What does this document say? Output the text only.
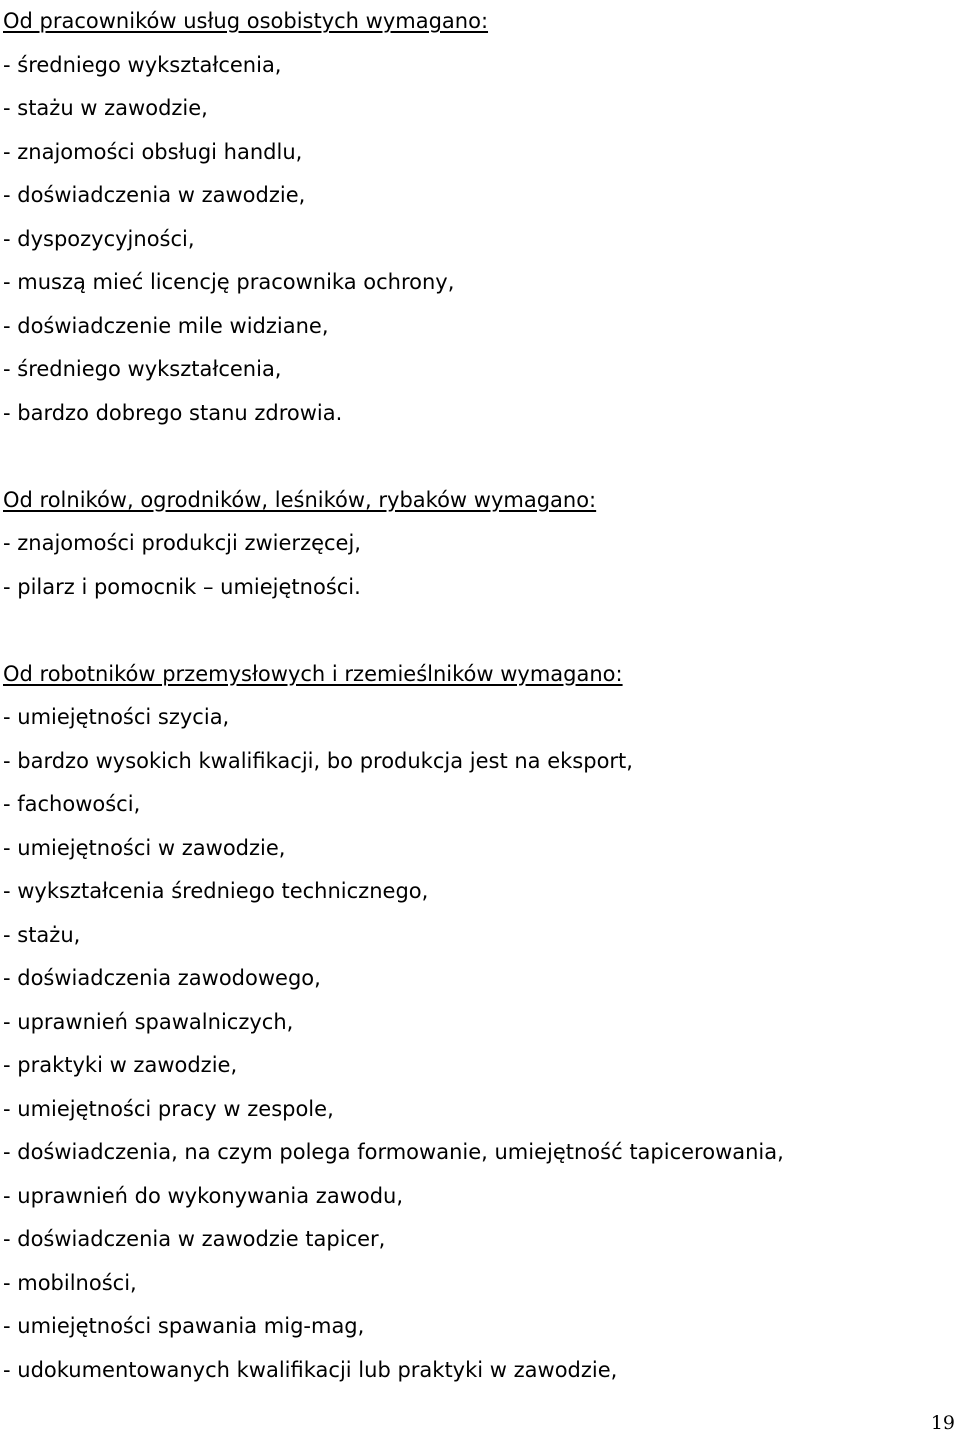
Od pracowników usług osobistych wymagano:
- średniego wykształcenia,
- stażu w zawodzie,
- znajomości obsługi handlu,
- doświadczenia w zawodzie,
- dyspozycyjności,
- muszą mieć licencję pracownika ochrony,
- doświadczenie mile widziane,
- średniego wykształcenia,
- bardzo dobrego stanu zdrowia.
Od rolników, ogrodników, leśników, rybaków wymagano:
- znajomości produkcji zwierzęcej,
- pilarz i pomocnik – umiejętności.
Od robotników przemysłowych i rzemieślników wymagano:
- umiejętności szycia,
- bardzo wysokich kwalifikacji, bo produkcja jest na eksport,
- fachowości,
- umiejętności w zawodzie,
- wykształcenia średniego technicznego,
- stażu,
- doświadczenia zawodowego,
- uprawnień spawalniczych,
- praktyki w zawodzie,
- umiejętności pracy w zespole,
- doświadczenia, na czym polega formowanie, umiejętność tapicerowania,
- uprawnień do wykonywania zawodu,
- doświadczenia w zawodzie tapicer,
- mobilności,
- umiejętności spawania mig-mag,
- udokumentowanych kwalifikacji lub praktyki w zawodzie,
19
